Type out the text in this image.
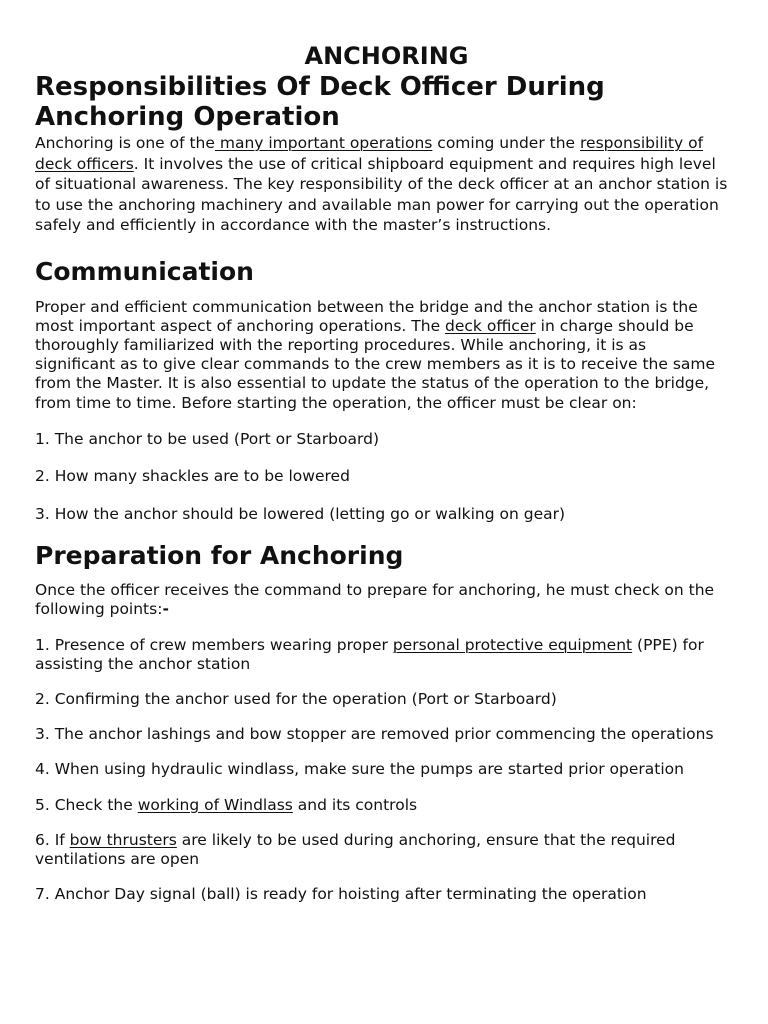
ANCHORING
Responsibilities Of Deck Officer During Anchoring Operation

Anchoring is one of the many important operations coming under the responsibility of deck officers. It involves the use of critical shipboard equipment and requires high level of situational awareness. The key responsibility of the deck officer at an anchor station is to use the anchoring machinery and available man power for carrying out the operation safely and efficiently in accordance with the master’s instructions.

Communication

Proper and efficient communication between the bridge and the anchor station is the most important aspect of anchoring operations. The deck officer in charge should be thoroughly familiarized with the reporting procedures. While anchoring, it is as significant as to give clear commands to the crew members as it is to receive the same from the Master. It is also essential to update the status of the operation to the bridge, from time to time. Before starting the operation, the officer must be clear on:

1. The anchor to be used (Port or Starboard)

2. How many shackles are to be lowered

3. How the anchor should be lowered (letting go or walking on gear)

Preparation for Anchoring

Once the officer receives the command to prepare for anchoring, he must check on the following points:-

1. Presence of crew members wearing proper personal protective equipment (PPE) for assisting the anchor station

2. Confirming the anchor used for the operation (Port or Starboard)

3. The anchor lashings and bow stopper are removed prior commencing the operations

4. When using hydraulic windlass, make sure the pumps are started prior operation

5. Check the working of Windlass and its controls

6. If bow thrusters are likely to be used during anchoring, ensure that the required ventilations are open

7. Anchor Day signal (ball) is ready for hoisting after terminating the operation
